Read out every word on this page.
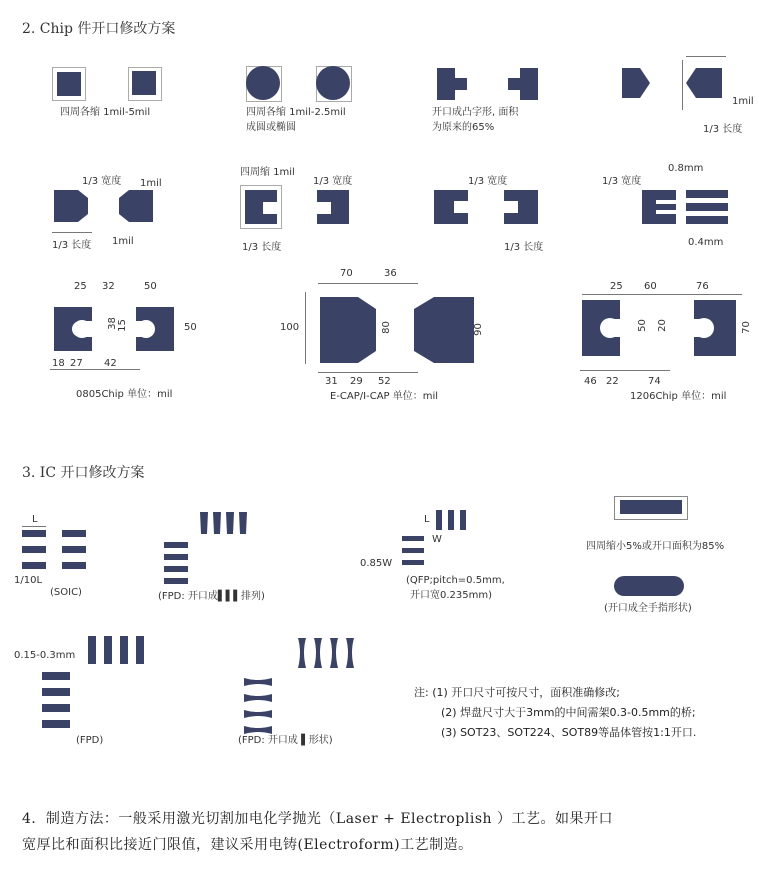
2. Chip 件开口修改方案
四周各缩 1mil-5mil	四周各缩 1mil-2.5mil
成圆或椭圆
开口成凸字形, 面积
为原来的65%
1mil
1/3 长度
1/3 宽度 1mil
1/3 长度 1mil
四周缩 1mil
1/3 宽度
1/3 长度
1/3 宽度
1/3 长度
0.8mm
1/3 宽度
0.4mm
25 32	50
38 15	50
18 27 42
0805Chip 单位：mil
70	36
100	80	90
31 29 52
E-CAP/I-CAP 单位：mil
25 60	76
50 20	70
46 22	74
1206Chip 单位：mil
3. IC 开口修改方案
L
1/10L
(SOIC)	(FPD: 开口成▌▌▌排列)
L
W
0.85W
(QFP;pitch=0.5mm,
开口宽0.235mm)
四周缩小5%或开口面积为85%
(开口成全手指形状)
0.15-0.3mm
(FPD)	(FPD: 开口成 ▌形状)
注: (1) 开口尺寸可按尺寸，面积准确修改;
(2) 焊盘尺寸大于3mm的中间需架0.3-0.5mm的桥;
(3) SOT23、SOT224、SOT89等晶体管按1:1开口.
4．制造方法：一般采用激光切割加电化学抛光（Laser + Electroplish ）工艺。如果开口
宽厚比和面积比接近门限值，建议采用电铸(Electroform)工艺制造。
